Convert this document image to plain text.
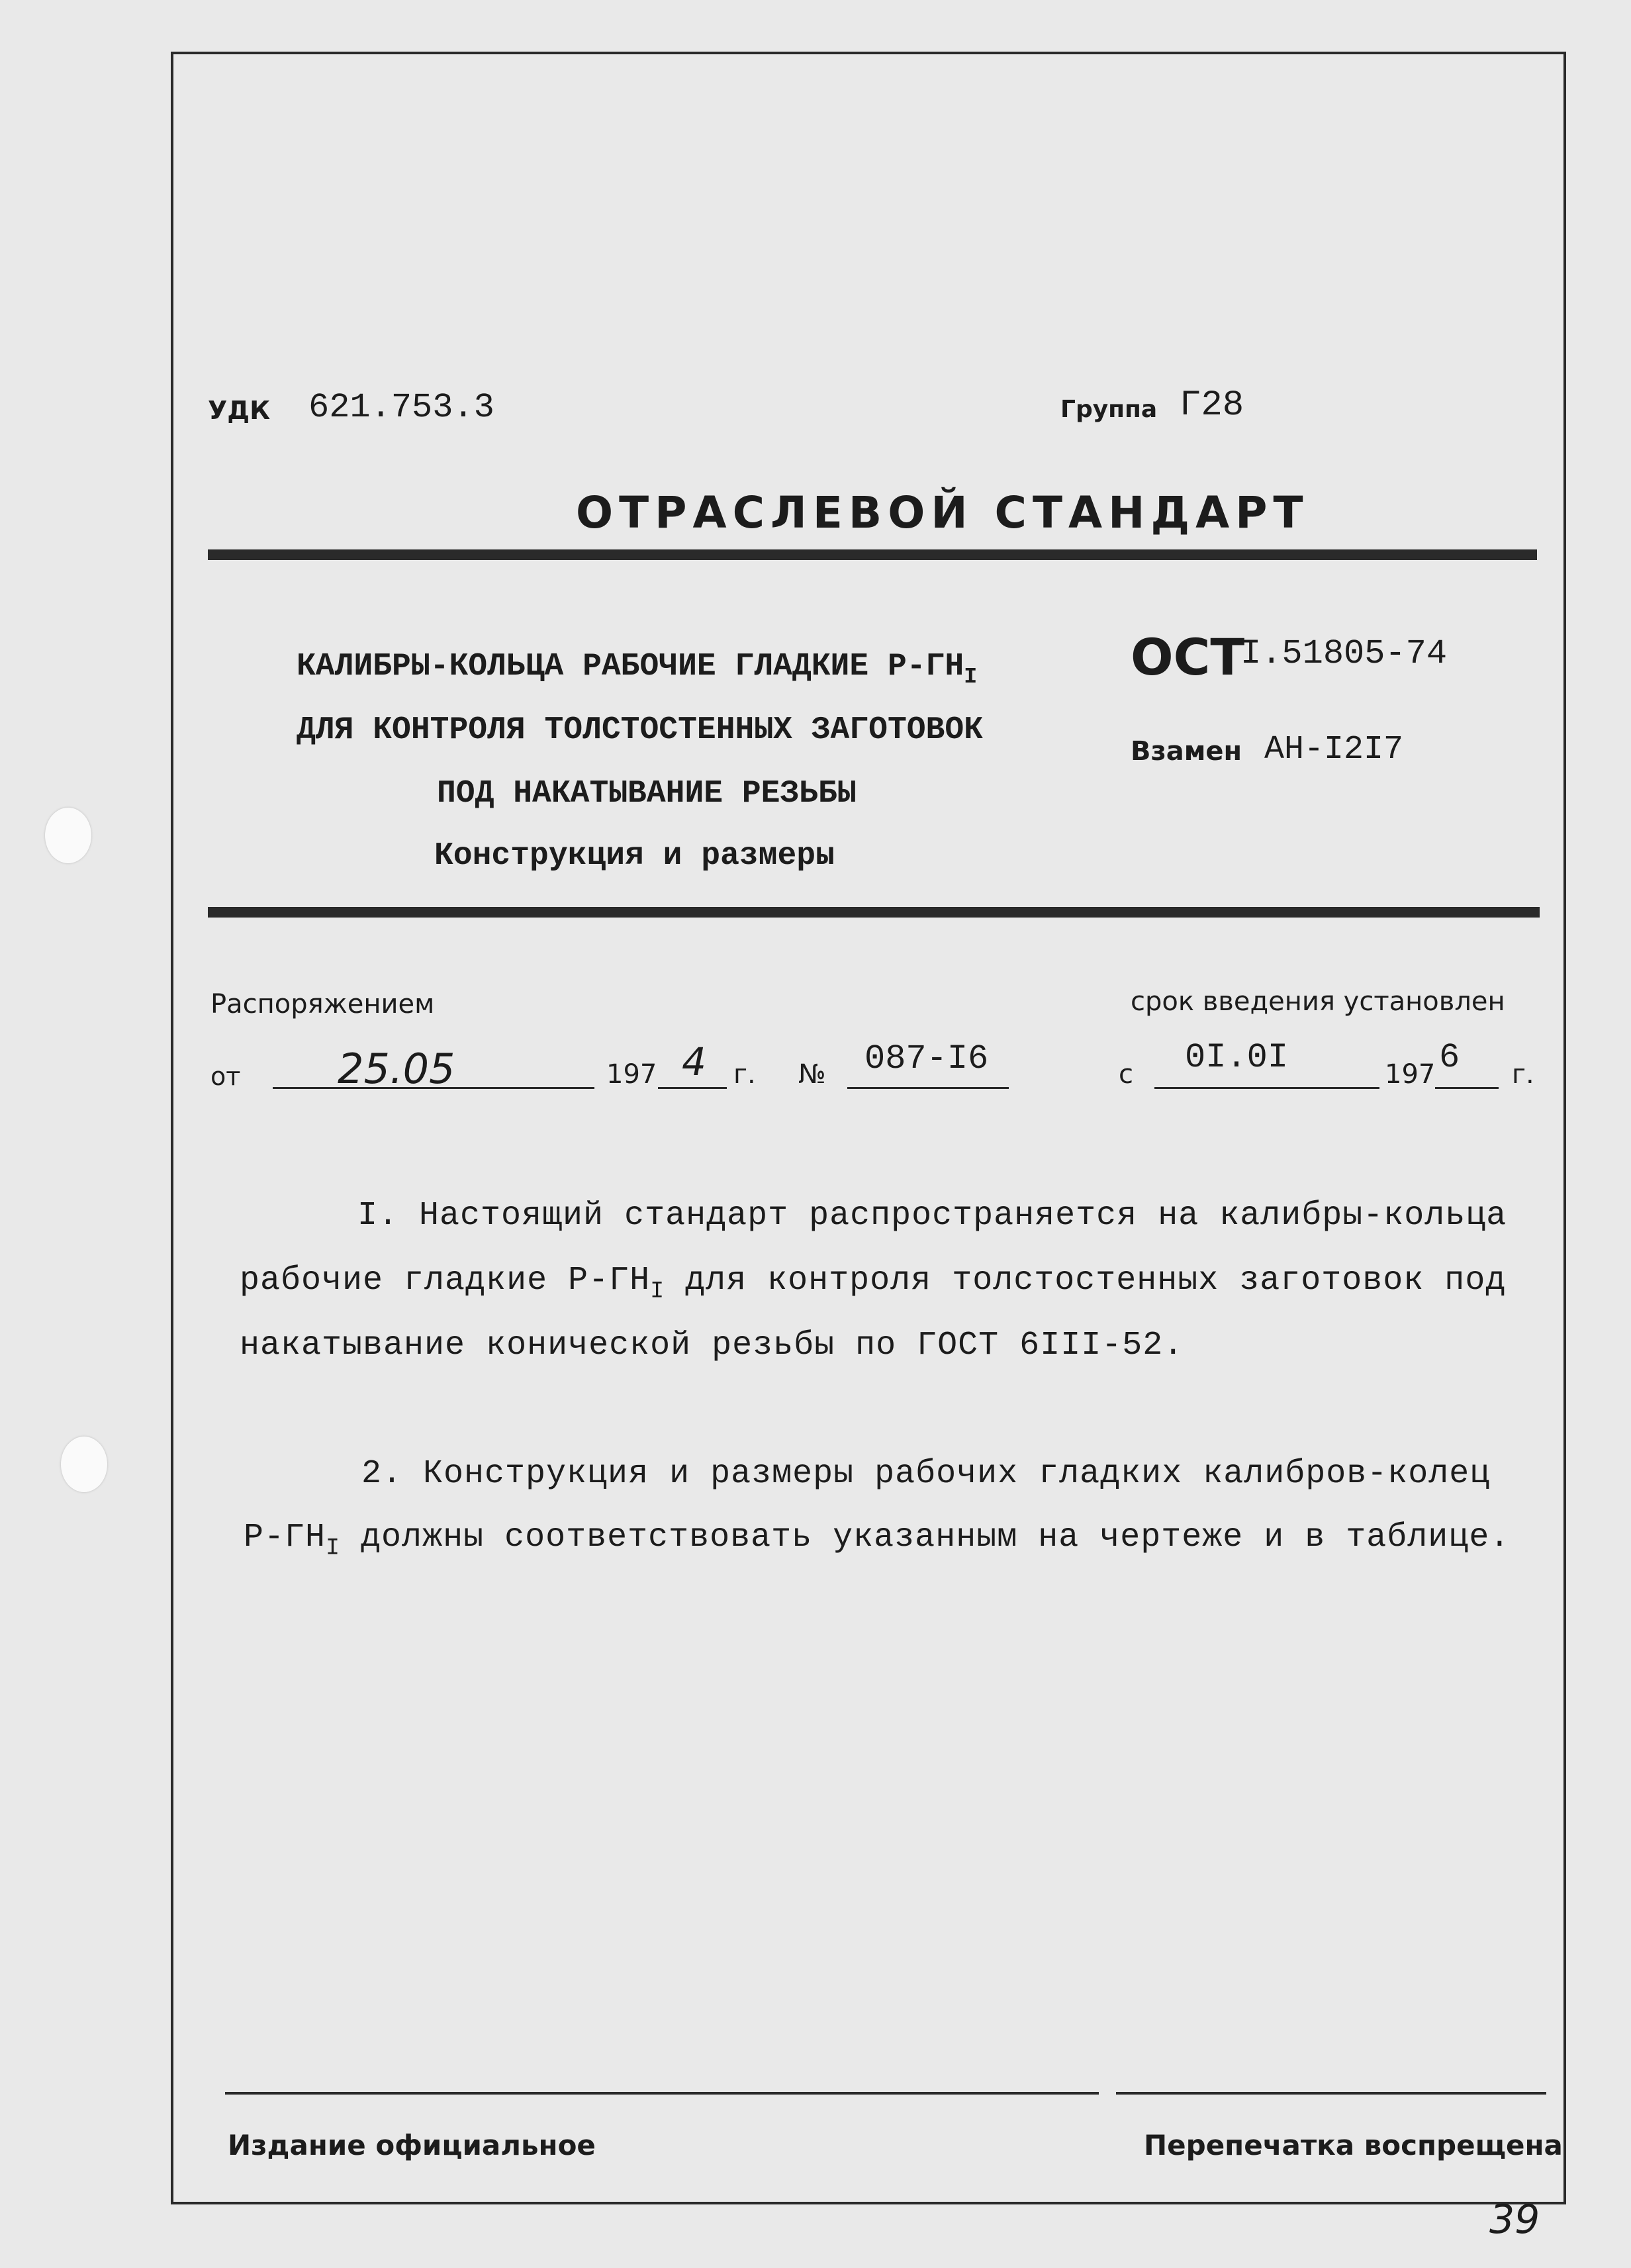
УДК 621.753.3	Группа Г28
ОТРАСЛЕВОЙ СТАНДАРТ
КАЛИБРЫ-КОЛЬЦА РАБОЧИЕ ГЛАДКИЕ $Р-ГН_I$
ДЛЯ КОНТРОЛЯ ТОЛСТОСТЕННЫХ ЗАГОТОВОК
ПОД НАКАТЫВАНИЕ РЕЗЬБЫ
Конструкция и размеры
ОСТ
I.51805-74
Взамен АН-I2I7
Распоряжением	срок введения установлен
от 25.05	197 4 г. № 087-I6	с 0I.0I	197 6 г.
I. Настоящий стандарт распространяется на калибры-кольца
рабочие гладкие $Р-ГН_I$ для контроля толстостенных заготовок под
накатывание конической резьбы по ГОСТ 6III-52.
2. Конструкция и размеры рабочих гладких калибров-колец
$Р-ГН_I$ должны соответствовать указанным на чертеже и в таблице.
Издание официальное	Перепечатка воспрещена
39
